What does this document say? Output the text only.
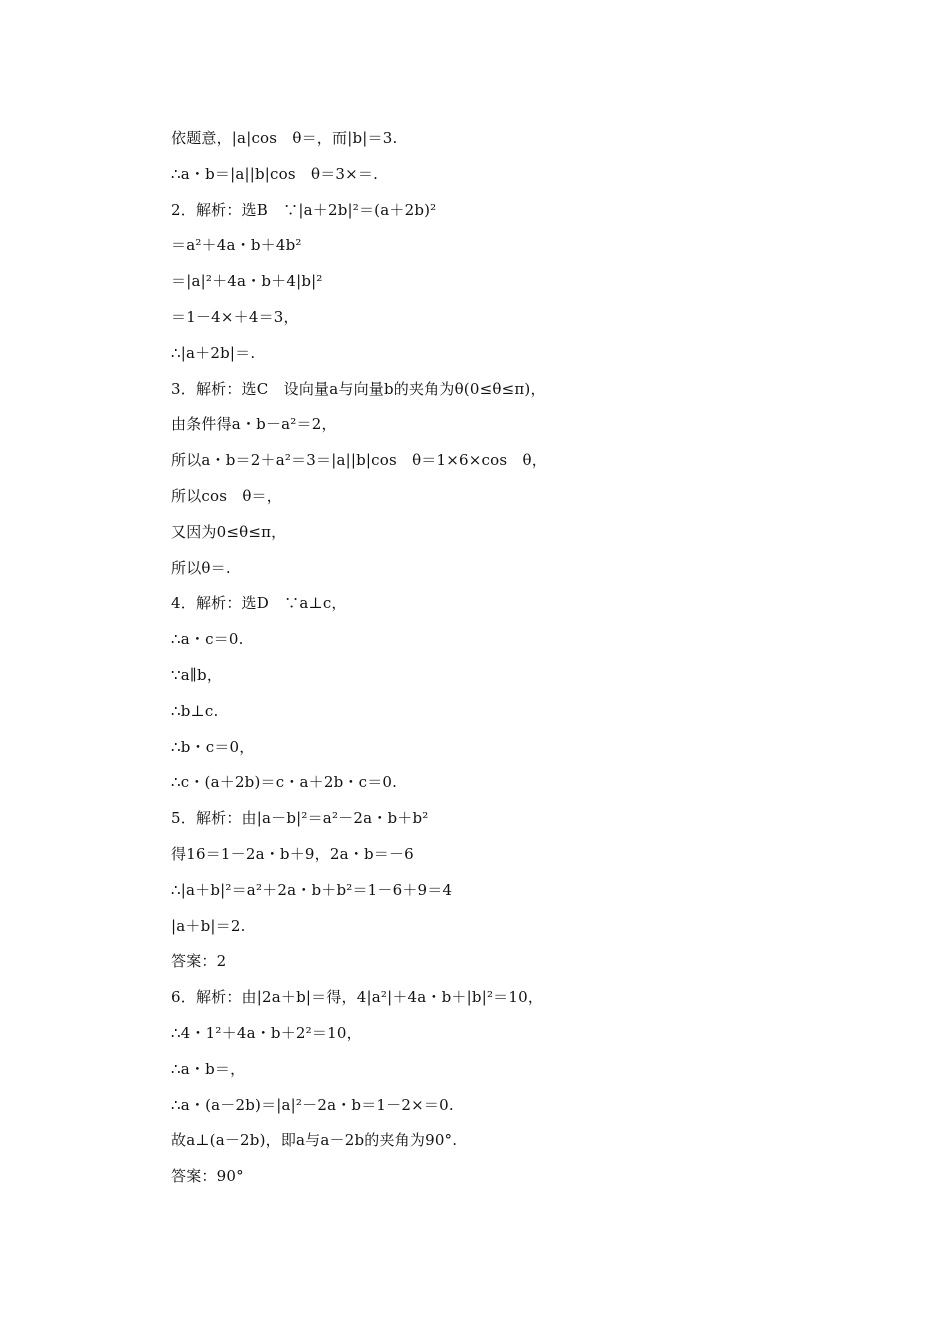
依题意，|a|cos　θ＝，而|b|＝3.
∴a・b＝|a||b|cos　θ＝3×＝.
2．解析：选B　∵|a＋2b|²＝(a＋2b)²
＝a²＋4a・b＋4b²
＝|a|²＋4a・b＋4|b|²
＝1－4×＋4＝3，
∴|a＋2b|＝.
3．解析：选C　设向量a与向量b的夹角为θ(0≤θ≤π)，
由条件得a・b－a²＝2，
所以a・b＝2＋a²＝3＝|a||b|cos　θ＝1×6×cos　θ，
所以cos　θ＝，
又因为0≤θ≤π，
所以θ＝.
4．解析：选D　∵a⊥c，
∴a・c＝0.
∵a∥b，
∴b⊥c.
∴b・c＝0，
∴c・(a＋2b)＝c・a＋2b・c＝0.
5．解析：由|a－b|²＝a²－2a・b＋b²
得16＝1－2a・b＋9，2a・b＝－6
∴|a＋b|²＝a²＋2a・b＋b²＝1－6＋9＝4
|a＋b|＝2.
答案：2
6．解析：由|2a＋b|＝得，4|a²|＋4a・b＋|b|²＝10，
∴4・1²＋4a・b＋2²＝10，
∴a・b＝，
∴a・(a－2b)＝|a|²－2a・b＝1－2×＝0.
故a⊥(a－2b)，即a与a－2b的夹角为90°.
答案：90°
